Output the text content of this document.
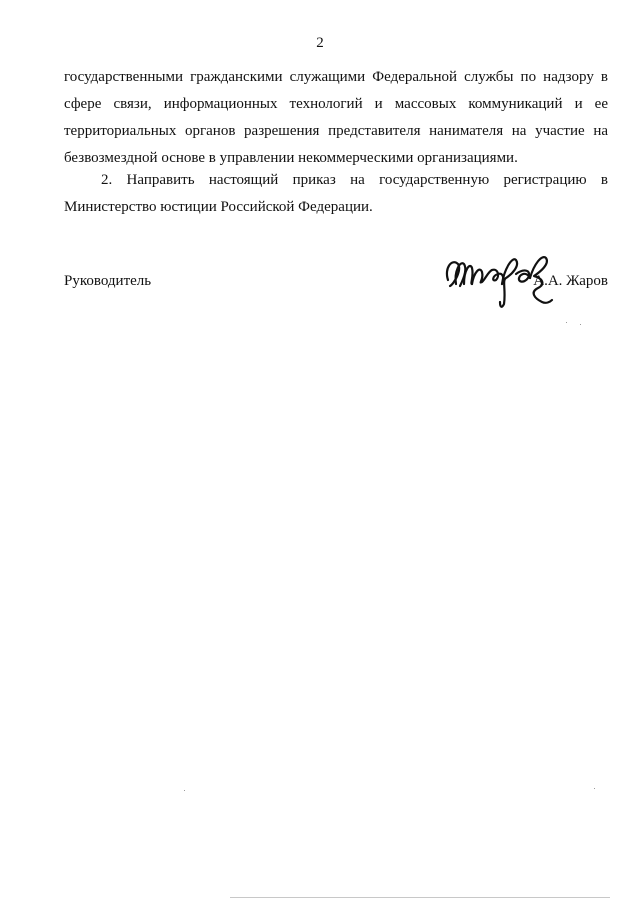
2

государственными гражданскими служащими Федеральной службы по надзору в сфере связи, информационных технологий и массовых коммуникаций и ее территориальных органов разрешения представителя нанимателя на участие на безвозмездной основе в управлении некоммерческими организациями.

2. Направить настоящий приказ на государственную регистрацию в Министерство юстиции Российской Федерации.

Руководитель	А.А. Жаров
